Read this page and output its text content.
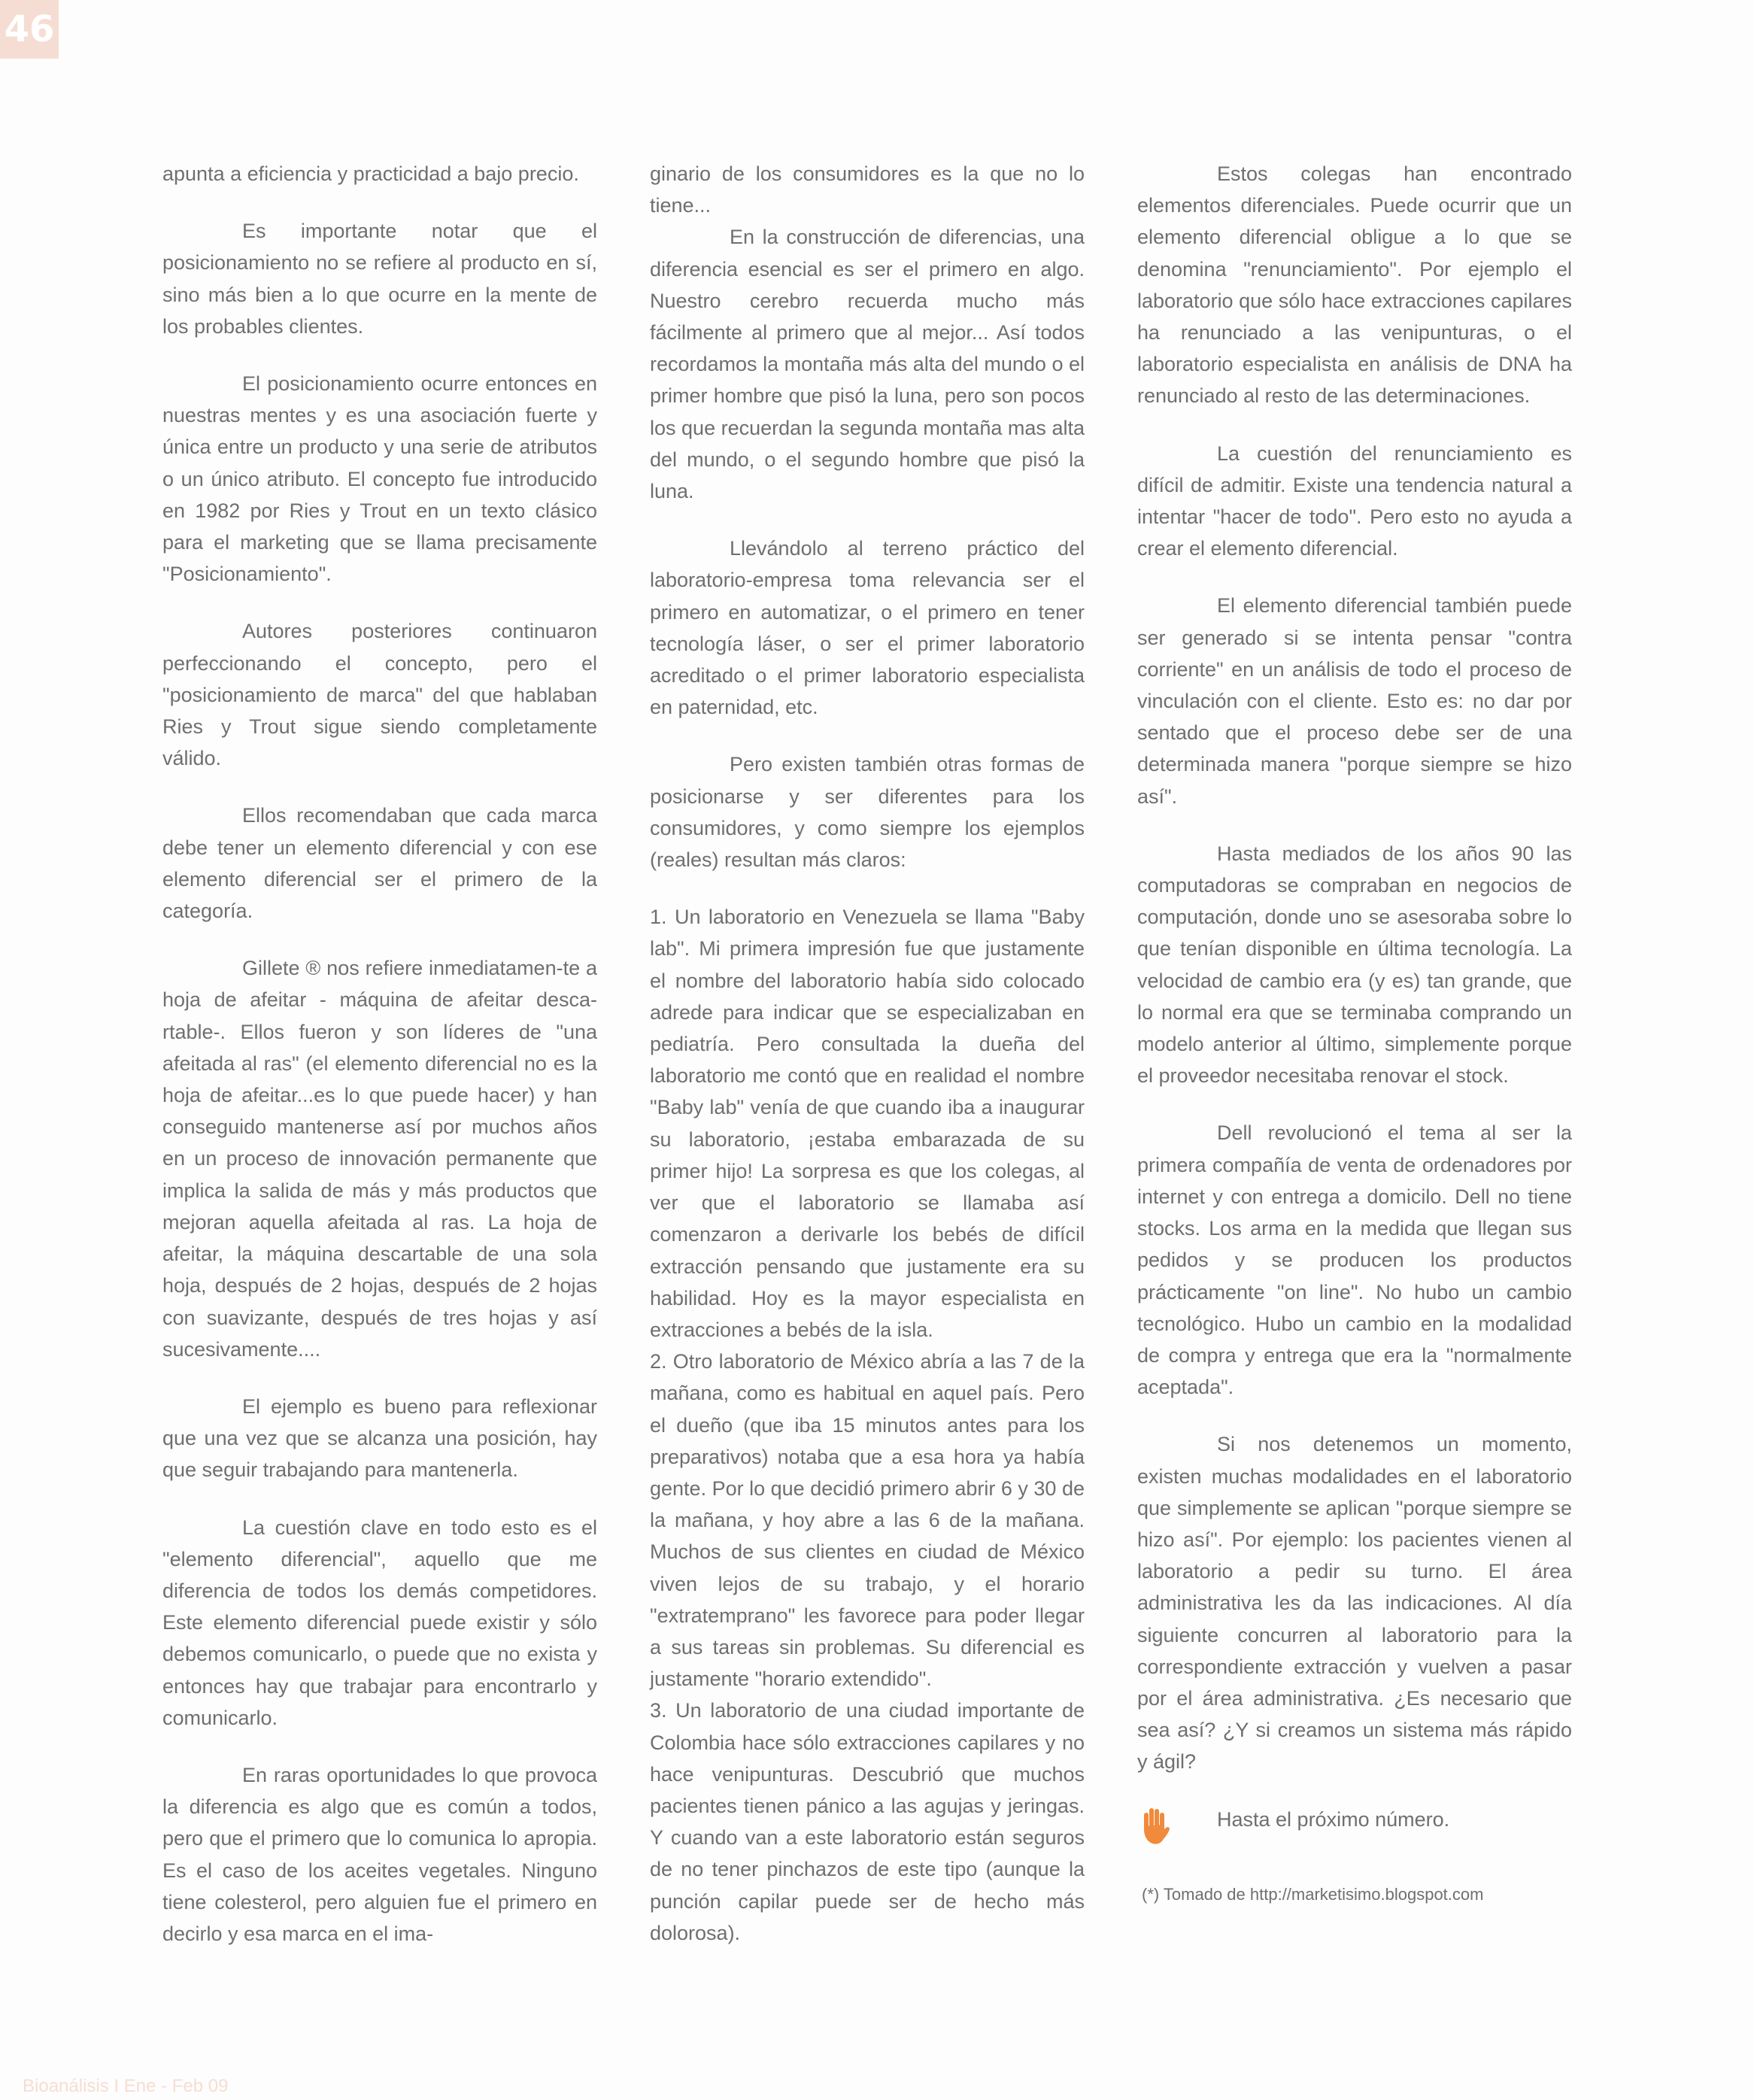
46

apunta a eficiencia y practicidad a bajo precio.

Es importante notar que el posicionamiento no se refiere al producto en sí, sino más bien a lo que ocurre en la mente de los probables clientes.

El posicionamiento ocurre entonces en nuestras mentes y es una asociación fuerte y única entre un producto y una serie de atributos o un único atributo. El concepto fue introducido en 1982 por Ries y Trout en un texto clásico para el marketing que se llama precisamente "Posicionamiento".

Autores posteriores continuaron perfeccionando el concepto, pero el "posicionamiento de marca" del que hablaban Ries y Trout sigue siendo completamente válido.

Ellos recomendaban que cada marca debe tener un elemento diferencial y con ese elemento diferencial ser el primero de la categoría.

Gillete ® nos refiere inmediatamen-te a hoja de afeitar - máquina de afeitar desca-rtable-. Ellos fueron y son líderes de "una afeitada al ras" (el elemento diferencial no es la hoja de afeitar...es lo que puede hacer) y han conseguido mantenerse así por muchos años en un proceso de innovación permanente que implica la salida de más y más productos que mejoran aquella afeitada al ras. La hoja de afeitar, la máquina descartable de una sola hoja, después de 2 hojas, después de 2 hojas con suavizante, después de tres hojas y así sucesivamente....

El ejemplo es bueno para reflexionar que una vez que se alcanza una posición, hay que seguir trabajando para mantenerla.

La cuestión clave en todo esto es el "elemento diferencial", aquello que me diferencia de todos los demás competidores. Este elemento diferencial puede existir y sólo debemos comunicarlo, o puede que no exista y entonces hay que trabajar para encontrarlo y comunicarlo.

En raras oportunidades lo que provoca la diferencia es algo que es común a todos, pero que el primero que lo comunica lo apropia. Es el caso de los aceites vegetales. Ninguno tiene colesterol, pero alguien fue el primero en decirlo y esa marca en el ima-

ginario de los consumidores es la que no lo tiene...

En la construcción de diferencias, una diferencia esencial es ser el primero en algo. Nuestro cerebro recuerda mucho más fácilmente al primero que al mejor... Así todos recordamos la montaña más alta del mundo o el primer hombre que pisó la luna, pero son pocos los que recuerdan la segunda montaña mas alta del mundo, o el segundo hombre que pisó la luna.

Llevándolo al terreno práctico del laboratorio-empresa toma relevancia ser el primero en automatizar, o el primero en tener tecnología láser, o ser el primer laboratorio acreditado o el primer laboratorio especialista en paternidad, etc.

Pero existen también otras formas de posicionarse y ser diferentes para los consumidores, y como siempre los ejemplos (reales) resultan más claros:

1. Un laboratorio en Venezuela se llama "Baby lab". Mi primera impresión fue que justamente el nombre del laboratorio había sido colocado adrede para indicar que se especializaban en pediatría. Pero consultada la dueña del laboratorio me contó que en realidad el nombre "Baby lab" venía de que cuando iba a inaugurar su laboratorio, ¡estaba embarazada de su primer hijo! La sorpresa es que los colegas, al ver que el laboratorio se llamaba así comenzaron a derivarle los bebés de difícil extracción pensando que justamente era su habilidad. Hoy es la mayor especialista en extracciones a bebés de la isla.

2. Otro laboratorio de México abría a las 7 de la mañana, como es habitual en aquel país. Pero el dueño (que iba 15 minutos antes para los preparativos) notaba que a esa hora ya había gente. Por lo que decidió primero abrir 6 y 30 de la mañana, y hoy abre a las 6 de la mañana. Muchos de sus clientes en ciudad de México viven lejos de su trabajo, y el horario "extratemprano" les favorece para poder llegar a sus tareas sin problemas. Su diferencial es justamente "horario extendido".

3. Un laboratorio de una ciudad importante de Colombia hace sólo extracciones capilares y no hace venipunturas. Descubrió que muchos pacientes tienen pánico a las agujas y jeringas. Y cuando van a este laboratorio están seguros de no tener pinchazos de este tipo (aunque la punción capilar puede ser de hecho más dolorosa).

Estos colegas han encontrado elementos diferenciales. Puede ocurrir que un elemento diferencial obligue a lo que se denomina "renunciamiento". Por ejemplo el laboratorio que sólo hace extracciones capilares ha renunciado a las venipunturas, o el laboratorio especialista en análisis de DNA ha renunciado al resto de las determinaciones.

La cuestión del renunciamiento es difícil de admitir. Existe una tendencia natural a intentar "hacer de todo". Pero esto no ayuda a crear el elemento diferencial.

El elemento diferencial también puede ser generado si se intenta pensar "contra corriente" en un análisis de todo el proceso de vinculación con el cliente. Esto es: no dar por sentado que el proceso debe ser de una determinada manera "porque siempre se hizo así".

Hasta mediados de los años 90 las computadoras se compraban en negocios de computación, donde uno se asesoraba sobre lo que tenían disponible en última tecnología. La velocidad de cambio era (y es) tan grande, que lo normal era que se terminaba comprando un modelo anterior al último, simplemente porque el proveedor necesitaba renovar el stock.

Dell revolucionó el tema al ser la primera compañía de venta de ordenadores por internet y con entrega a domicilo. Dell no tiene stocks. Los arma en la medida que llegan sus pedidos y se producen los productos prácticamente "on line". No hubo un cambio tecnológico. Hubo un cambio en la modalidad de compra y entrega que era la "normalmente aceptada".

Si nos detenemos un momento, existen muchas modalidades en el laboratorio que simplemente se aplican "porque siempre se hizo así". Por ejemplo: los pacientes vienen al laboratorio a pedir su turno. El área administrativa les da las indicaciones. Al día siguiente concurren al laboratorio para la correspondiente extracción y vuelven a pasar por el área administrativa. ¿Es necesario que sea así? ¿Y si creamos un sistema más rápido y ágil?

Hasta el próximo número.
(*) Tomado de http://marketisimo.blogspot.com
Bioanálisis I Ene - Feb 09
